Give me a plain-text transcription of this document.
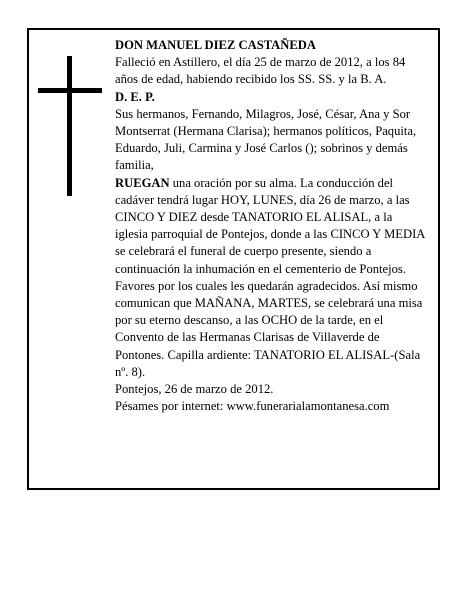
DON MANUEL DIEZ CASTAÑEDA

Falleció en Astillero, el día 25 de marzo de 2012, a los 84 años de edad, habiendo recibido los SS. SS. y la B. A.

D. E. P.

Sus hermanos, Fernando, Milagros, José, César, Ana y Sor Montserrat (Hermana Clarisa); hermanos políticos, Paquita, Eduardo, Juli, Carmina y José Carlos (); sobrinos y demás familia,

RUEGAN una oración por su alma. La conducción del cadáver tendrá lugar HOY, LUNES, día 26 de marzo, a las CINCO Y DIEZ desde TANATORIO EL ALISAL, a la iglesia parroquial de Pontejos, donde a las CINCO Y MEDIA se celebrará el funeral de cuerpo presente, siendo a continuación la inhumación en el cementerio de Pontejos. Favores por los cuales les quedarán agradecidos. Así mismo comunican que MAÑANA, MARTES, se celebrará una misa por su eterno descanso, a las OCHO de la tarde, en el Convento de las Hermanas Clarisas de Villaverde de Pontones. Capilla ardiente: TANATORIO EL ALISAL-(Sala nº. 8).

Pontejos, 26 de marzo de 2012.

Pésames por internet: www.funerarialamontanesa.com
